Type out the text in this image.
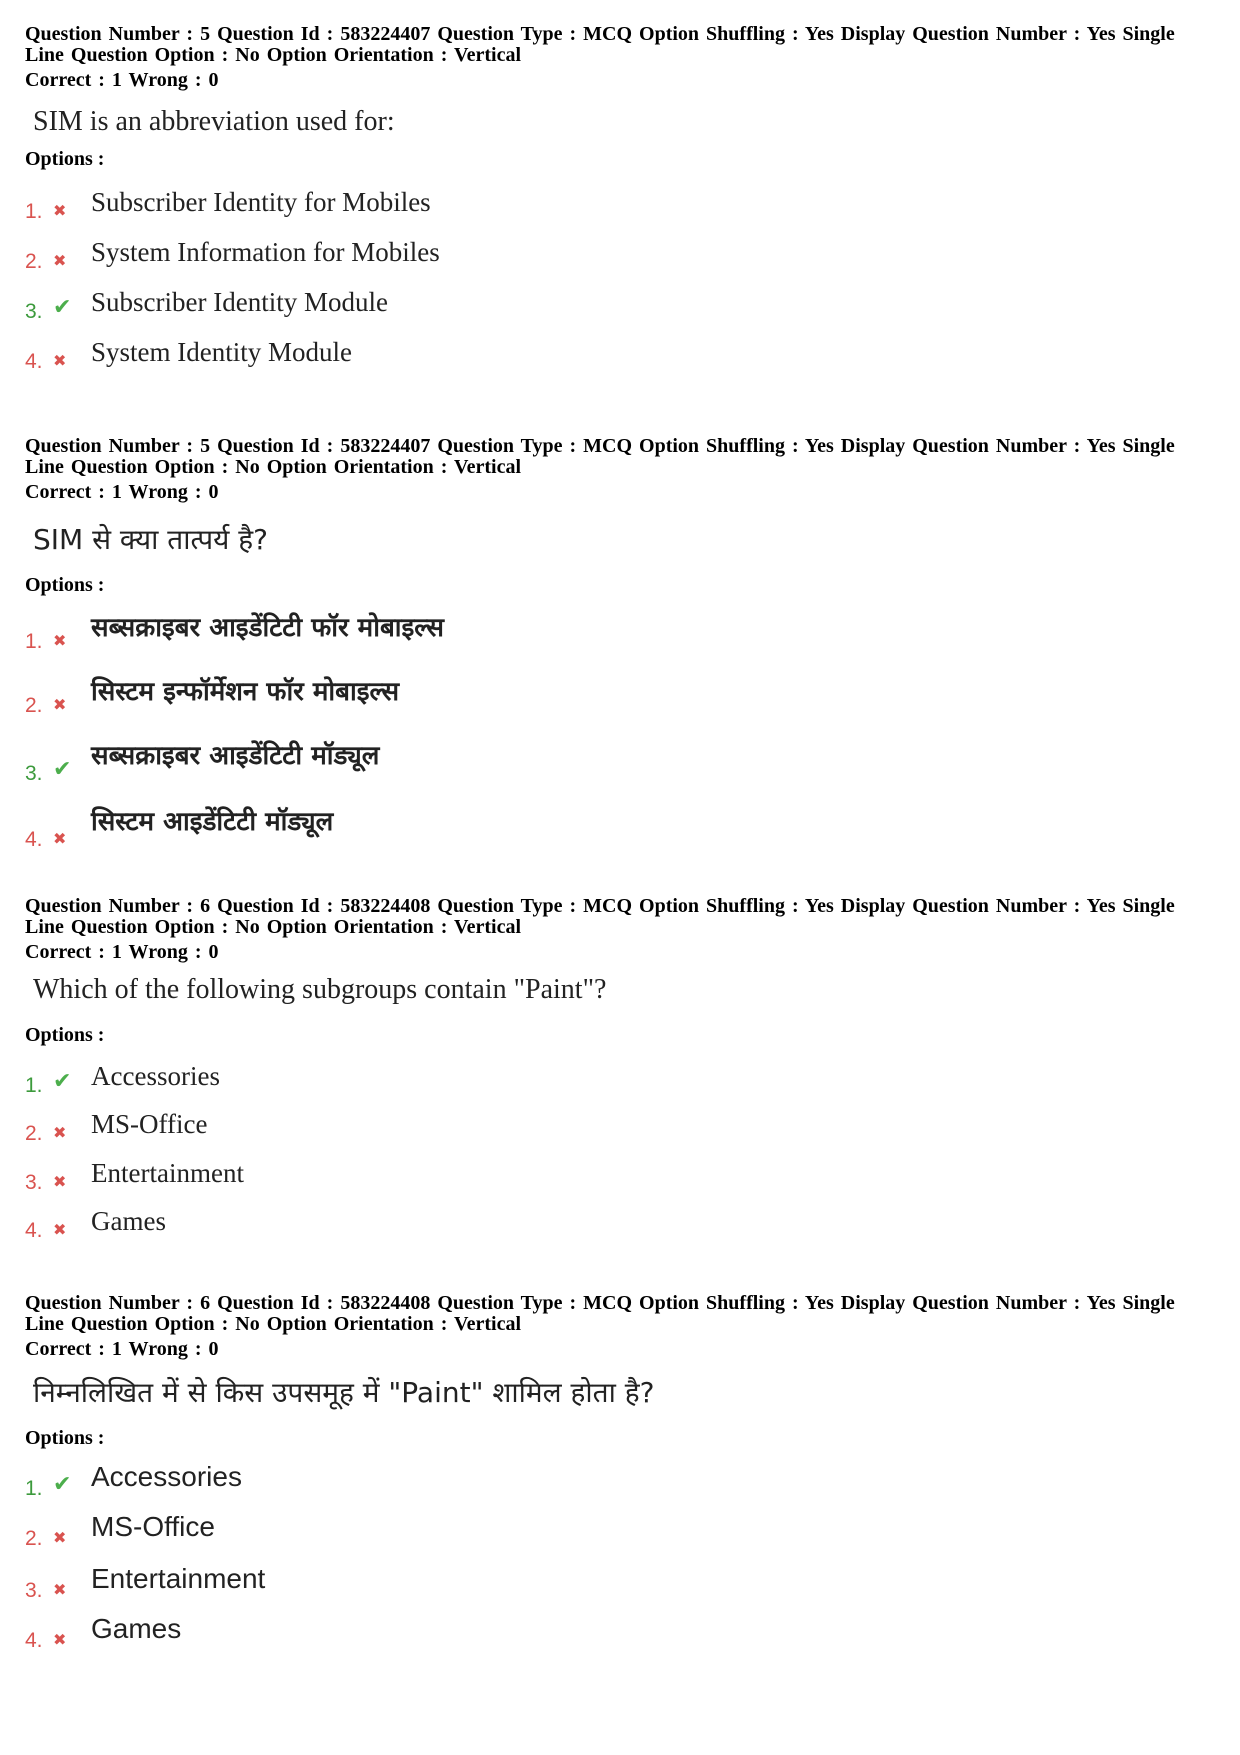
Question Number : 5 Question Id : 583224407 Question Type : MCQ Option Shuffling : Yes Display Question Number : Yes Single
Line Question Option : No Option Orientation : Vertical
Correct : 1 Wrong : 0
SIM is an abbreviation used for:
Options :
1. ✖ Subscriber Identity for Mobiles
2. ✖ System Information for Mobiles
3. ✔ Subscriber Identity Module
4. ✖ System Identity Module
Question Number : 5 Question Id : 583224407 Question Type : MCQ Option Shuffling : Yes Display Question Number : Yes Single
Line Question Option : No Option Orientation : Vertical
Correct : 1 Wrong : 0
SIM से क्या तात्पर्य है?
Options :
1. ✖ सब्सक्राइबर आइडेंटिटी फॉर मोबाइल्स
2. ✖ सिस्टम इन्फॉर्मेशन फॉर मोबाइल्स
3. ✔ सब्सक्राइबर आइडेंटिटी मॉड्यूल
4. ✖
सिस्टम आइडेंटिटी मॉड्यूल
Question Number : 6 Question Id : 583224408 Question Type : MCQ Option Shuffling : Yes Display Question Number : Yes Single
Line Question Option : No Option Orientation : Vertical
Correct : 1 Wrong : 0
Which of the following subgroups contain "Paint"?
Options :
1. ✔ Accessories
2. ✖ MS-Office
3. ✖ Entertainment
4. ✖ Games
Question Number : 6 Question Id : 583224408 Question Type : MCQ Option Shuffling : Yes Display Question Number : Yes Single
Line Question Option : No Option Orientation : Vertical
Correct : 1 Wrong : 0
निम्नलिखित में से किस उपसमूह में "Paint" शामिल होता है?
Options :
1. ✔ Accessories
2. ✖ MS-Office
3. ✖ Entertainment
4. ✖ Games
